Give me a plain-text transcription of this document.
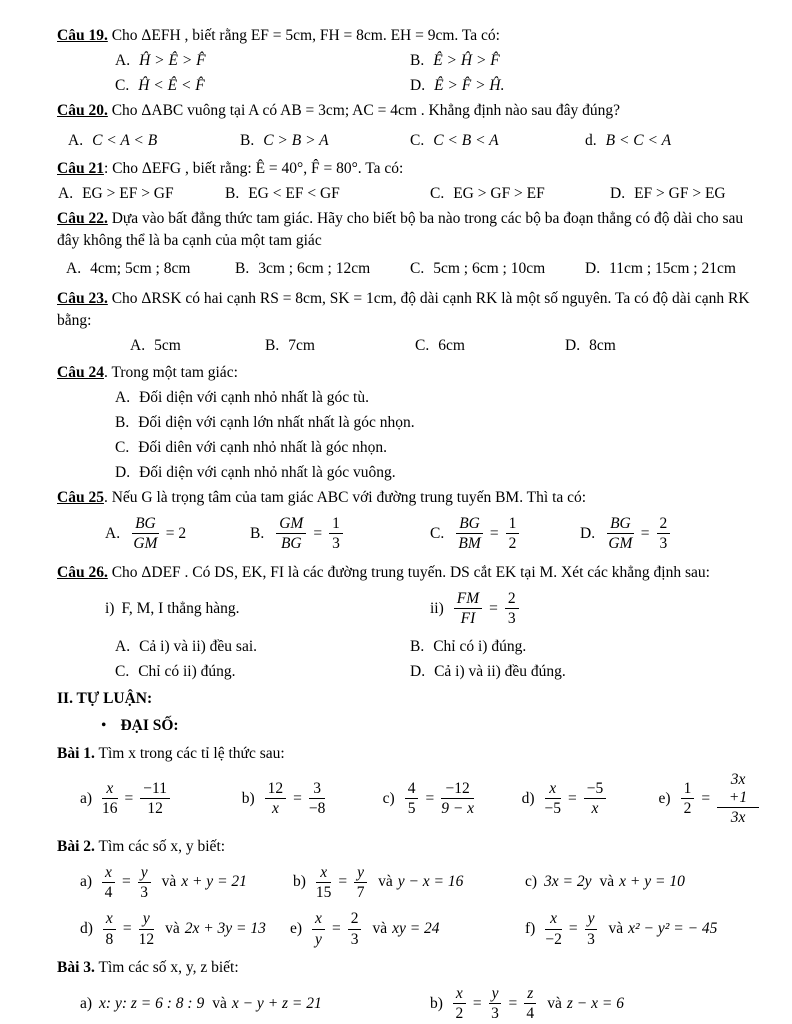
Câu 19. Cho ΔEFH , biết rằng EF = 5cm, FH = 8cm. EH = 9cm. Ta có:

A. Ĥ > Ê > F̂	B. Ê > Ĥ > F̂
C. Ĥ < Ê < F̂	D. Ê > F̂ > Ĥ.

Câu 20. Cho ΔABC vuông tại A có AB = 3cm; AC = 4cm . Khẳng định nào sau đây đúng?

A. C < A < B	B. C > B > A	C. C < B < A	d. B < C < A

Câu 21: Cho ΔEFG , biết rằng: Ê = 40°, F̂ = 80°. Ta có:

A. EG > EF > GF	B. EG < EF < GF	C. EG > GF > EF	D. EF > GF > EG

Câu 22. Dựa vào bất đẳng thức tam giác. Hãy cho biết bộ ba nào trong các bộ ba đoạn thẳng có độ dài cho sau đây không thể là ba cạnh của một tam giác

A. 4cm; 5cm ; 8cm	B. 3cm ; 6cm ; 12cm	C. 5cm ; 6cm ; 10cm	D. 11cm ; 15cm ; 21cm

Câu 23. Cho ΔRSK có hai cạnh RS = 8cm, SK = 1cm, độ dài cạnh RK là một số nguyên. Ta có độ dài cạnh RK bằng:

A. 5cm	B. 7cm	C. 6cm	D. 8cm

Câu 24. Trong một tam giác:

A. Đối diện với cạnh nhỏ nhất là góc tù.

B. Đối diện với cạnh lớn nhất nhất là góc nhọn.

C. Đối diên với cạnh nhỏ nhất là góc nhọn.

D. Đối diện với cạnh nhỏ nhất là góc vuông.

Câu 25. Nếu G là trọng tâm của tam giác ABC với đường trung tuyến BM. Thì ta có:

A. $\frac{BG}{GM} = 2$	B. $\frac{GM}{BG} = \frac{1}{3}$	C. $\frac{BG}{BM} = \frac{1}{2}$	D. $\frac{BG}{GM} = \frac{2}{3}$

Câu 26. Cho ΔDEF . Có DS, EK, FI là các đường trung tuyến. DS cắt EK tại M. Xét các khẳng định sau:

i) F, M, I thẳng hàng.	$ii) \frac{FM}{FI} = \frac{2}{3}$
A. Cả i) và ii) đều sai.	B. Chỉ có i) đúng.
C. Chỉ có ii) đúng.	D. Cả i) và ii) đều đúng.

II. TỰ LUẬN:

• ĐẠI SỐ:

Bài 1. Tìm x trong các tỉ lệ thức sau:

$a) \frac{x}{16} = \frac{-11}{12}$	$b) \frac{12}{x} = \frac{3}{-8}$	$c) \frac{4}{5} = \frac{-12}{9 - x}$	$d) \frac{x}{-5} = \frac{-5}{x}$	$e) \frac{1}{2} = \frac{3x +1}{3x}$

Bài 2. Tìm các số x, y biết:

$a) \frac{x}{4} = \frac{y}{3}$ và x + y = 21	$b) \frac{x}{15} = \frac{y}{7}$ và y − x = 16	c) 3x = 2y và x + y = 10
$d) \frac{x}{8} = \frac{y}{12}$ và 2x + 3y = 13 $e) \frac{x}{y} = \frac{2}{3}$ và xy = 24	$f) \frac{x}{-2} = \frac{y}{3}$ và x² − y² = − 45

Bài 3. Tìm các số x, y, z biết:

a) x: y: z = 6 : 8 : 9 và x − y + z = 21	$b) \frac{x}{2} = \frac{y}{3} = \frac{z}{4}$ và z − x = 6
